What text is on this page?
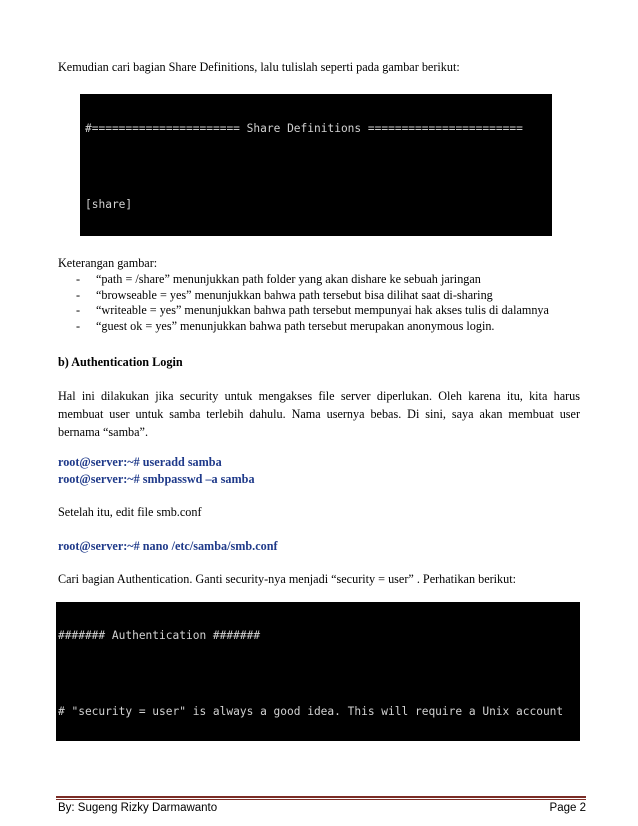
Kemudian cari bagian Share Definitions, lalu tulislah seperti pada gambar berikut:

#====================== Share Definitions =======================

[share]

Keterangan gambar:
- “path = /share” menunjukkan path folder yang akan dishare ke sebuah jaringan
- “browseable = yes” menunjukkan bahwa path tersebut bisa dilihat saat di-sharing
- “writeable = yes” menunjukkan bahwa path tersebut mempunyai hak akses tulis di dalamnya
- “guest ok = yes” menunjukkan bahwa path tersebut merupakan anonymous login.
b) Authentication Login
Hal ini dilakukan jika security untuk mengakses file server diperlukan. Oleh karena itu, kita harus membuat user untuk samba terlebih dahulu. Nama usernya bebas. Di sini, saya akan membuat user bernama “samba”.
root@server:~# useradd samba
root@server:~# smbpasswd –a samba
Setelah itu, edit file smb.conf
root@server:~# nano /etc/samba/smb.conf
Cari bagian Authentication. Ganti security-nya menjadi “security = user” . Perhatikan berikut:

####### Authentication #######

# "security = user" is always a good idea. This will require a Unix account

By: Sugeng Rizky Darmawanto	Page 2
